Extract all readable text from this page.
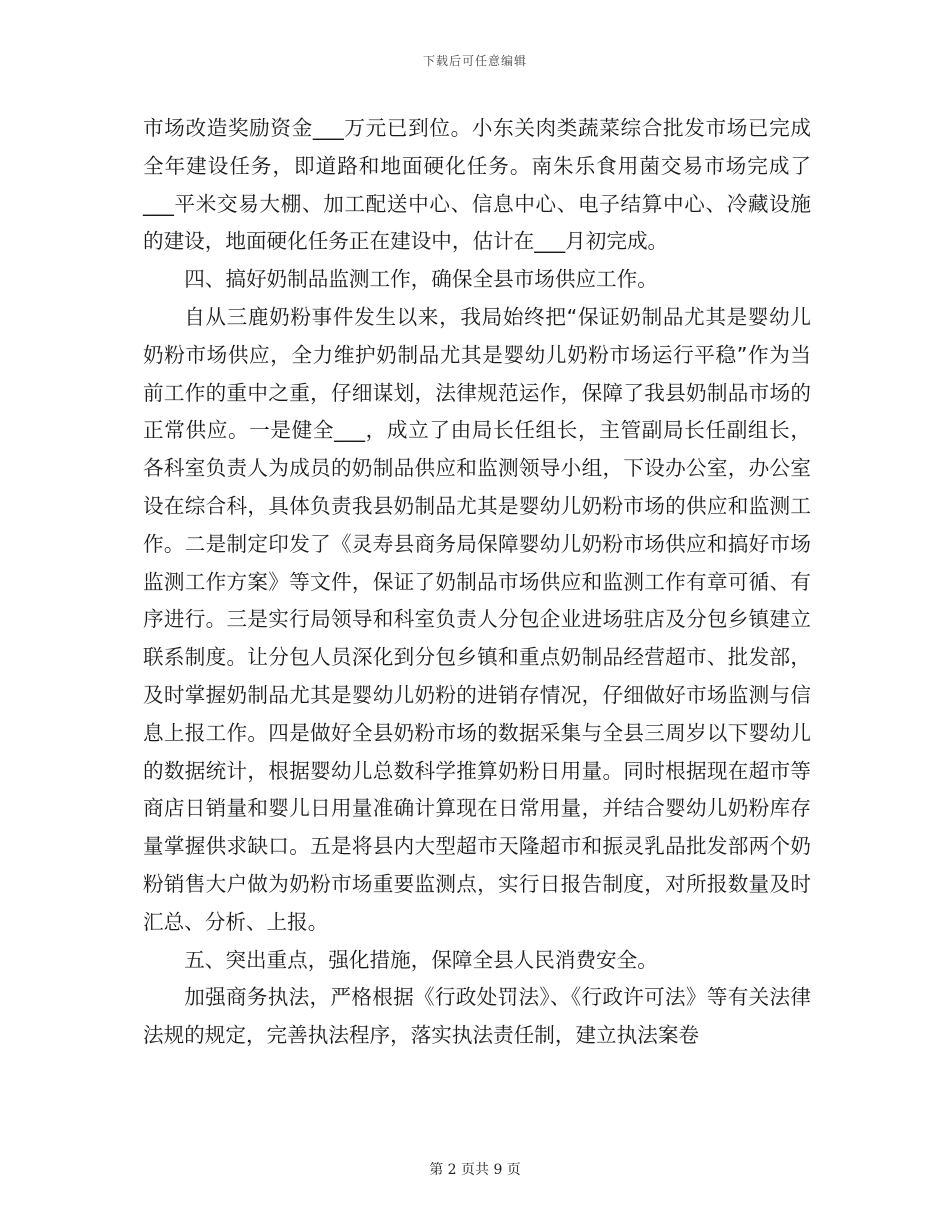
下载后可任意编辑

市场改造奖励资金___万元已到位。小东关肉类蔬菜综合批发市场已完成全年建设任务，即道路和地面硬化任务。南朱乐食用菌交易市场完成了___平米交易大棚、加工配送中心、信息中心、电子结算中心、冷藏设施的建设，地面硬化任务正在建设中，估计在___月初完成。

四、搞好奶制品监测工作，确保全县市场供应工作。

自从三鹿奶粉事件发生以来，我局始终把“保证奶制品尤其是婴幼儿奶粉市场供应，全力维护奶制品尤其是婴幼儿奶粉市场运行平稳”作为当前工作的重中之重，仔细谋划，法律规范运作，保障了我县奶制品市场的正常供应。一是健全___，成立了由局长任组长，主管副局长任副组长，各科室负责人为成员的奶制品供应和监测领导小组，下设办公室，办公室设在综合科，具体负责我县奶制品尤其是婴幼儿奶粉市场的供应和监测工作。二是制定印发了《灵寿县商务局保障婴幼儿奶粉市场供应和搞好市场监测工作方案》等文件，保证了奶制品市场供应和监测工作有章可循、有序进行。三是实行局领导和科室负责人分包企业进场驻店及分包乡镇建立联系制度。让分包人员深化到分包乡镇和重点奶制品经营超市、批发部，及时掌握奶制品尤其是婴幼儿奶粉的进销存情况，仔细做好市场监测与信息上报工作。四是做好全县奶粉市场的数据采集与全县三周岁以下婴幼儿的数据统计，根据婴幼儿总数科学推算奶粉日用量。同时根据现在超市等商店日销量和婴儿日用量准确计算现在日常用量，并结合婴幼儿奶粉库存量掌握供求缺口。五是将县内大型超市天隆超市和振灵乳品批发部两个奶粉销售大户做为奶粉市场重要监测点，实行日报告制度，对所报数量及时汇总、分析、上报。

五、突出重点，强化措施，保障全县人民消费安全。

加强商务执法，严格根据《行政处罚法》、《行政许可法》等有关法律法规的规定，完善执法程序，落实执法责任制，建立执法案卷

第 2 页共 9 页
